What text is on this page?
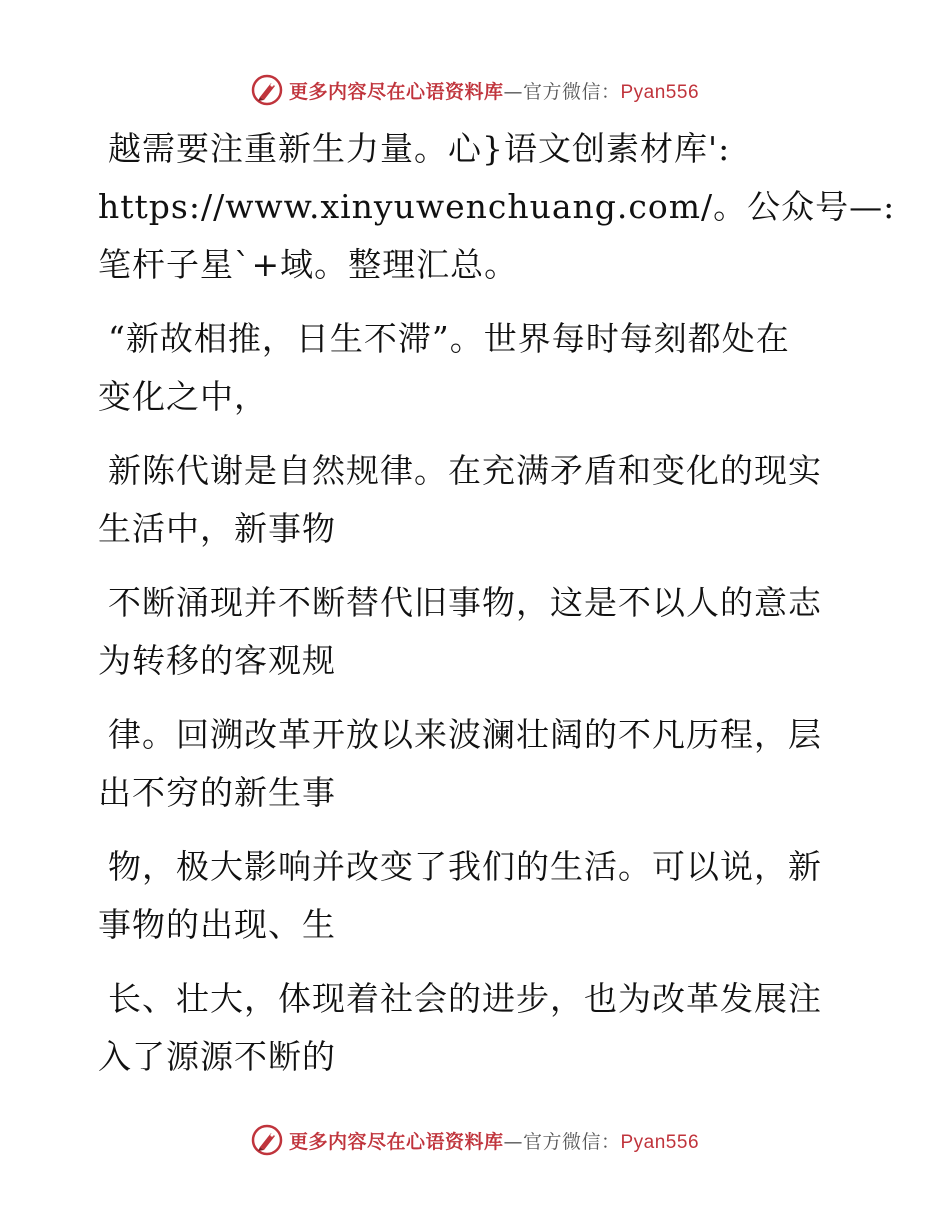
更多内容尽在心语资料库—官方微信：Pyan556

越需要注重新生力量。心}语文创素材库':
https://www.xinyuwenchuang.com/。公众号—:
笔杆子星`+域。整理汇总。

“新故相推，日生不滞”。世界每时每刻都处在
变化之中，

新陈代谢是自然规律。在充满矛盾和变化的现实
生活中，新事物

不断涌现并不断替代旧事物，这是不以人的意志
为转移的客观规

律。回溯改革开放以来波澜壮阔的不凡历程，层
出不穷的新生事

物，极大影响并改变了我们的生活。可以说，新
事物的出现、生

长、壮大，体现着社会的进步，也为改革发展注
入了源源不断的

更多内容尽在心语资料库—官方微信：Pyan556
